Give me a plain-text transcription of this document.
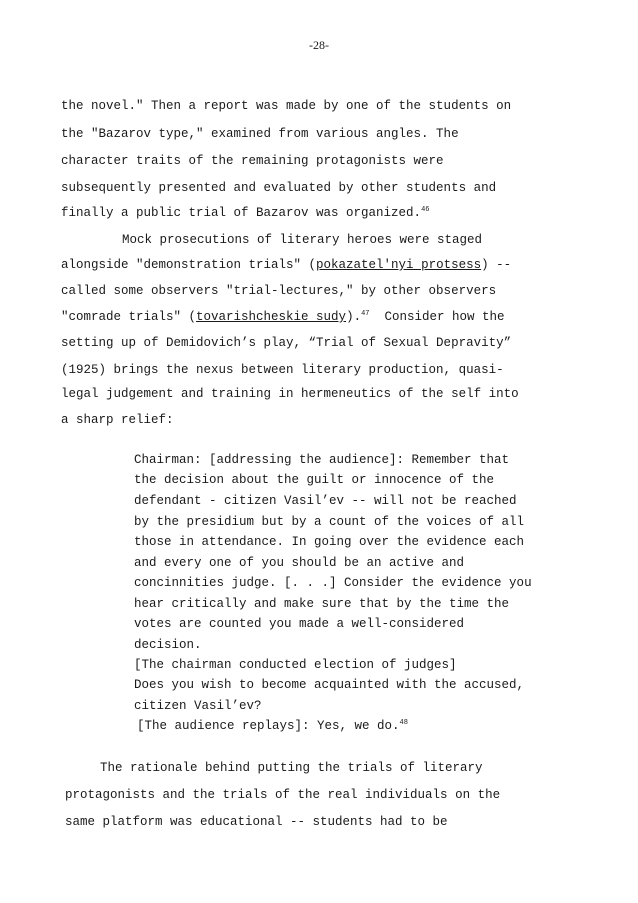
-28-
the novel." Then a report was made by one of the students on
the "Bazarov type," examined from various angles. The
character traits of the remaining protagonists were
subsequently presented and evaluated by other students and
finally a public trial of Bazarov was organized.$^{46}$
Mock prosecutions of literary heroes were staged
alongside "demonstration trials" (pokazatel'nyi protsess) --
called some observers "trial-lectures," by other observers
"comrade trials" (tovarishcheskie sudy).$^{47}$  Consider how the
setting up of Demidovich’s play, “Trial of Sexual Depravity”
(1925) brings the nexus between literary production, quasi-
legal judgement and training in hermeneutics of the self into
a sharp relief:
Chairman: [addressing the audience]: Remember that
the decision about the guilt or innocence of the
defendant - citizen Vasil’ev -- will not be reached
by the presidium but by a count of the voices of all
those in attendance. In going over the evidence each
and every one of you should be an active and
concinnities judge. [. . .] Consider the evidence you
hear critically and make sure that by the time the
votes are counted you made a well-considered
decision.
[The chairman conducted election of judges]
Does you wish to become acquainted with the accused,
citizen Vasil’ev?
[The audience replays]: Yes, we do.$^{48}$
The rationale behind putting the trials of literary
protagonists and the trials of the real individuals on the
same platform was educational -- students had to be
